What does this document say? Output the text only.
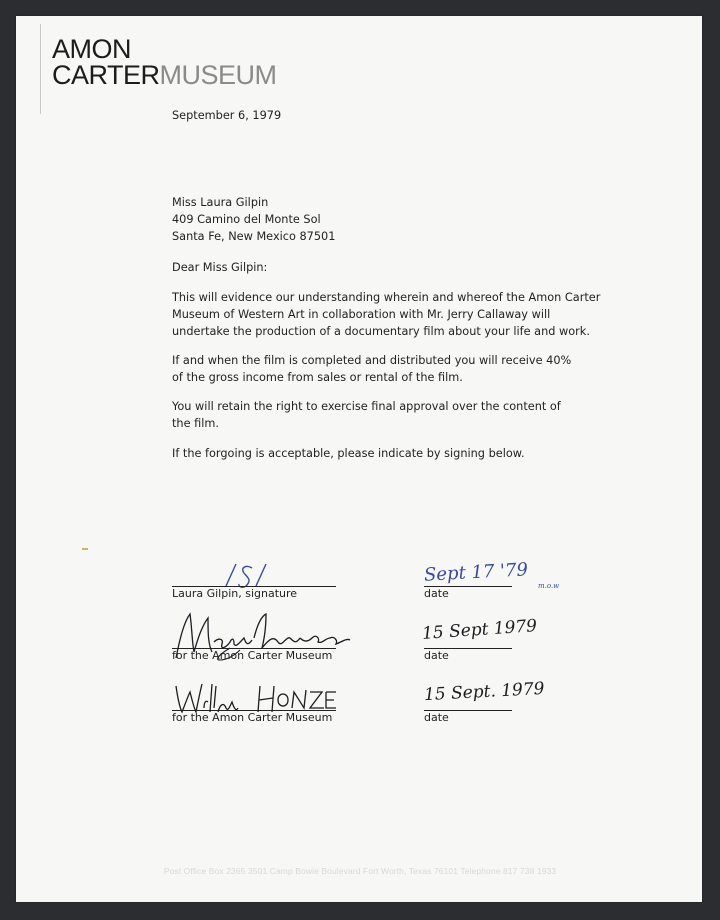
AMON
CARTERMUSEUM
September 6, 1979
Miss Laura Gilpin
409 Camino del Monte Sol
Santa Fe, New Mexico 87501
Dear Miss Gilpin:
This will evidence our understanding wherein and whereof the Amon Carter
Museum of Western Art in collaboration with Mr. Jerry Callaway will
undertake the production of a documentary film about your life and work.
If and when the film is completed and distributed you will receive 40%
of the gross income from sales or rental of the film.
You will retain the right to exercise final approval over the content of
the film.
If the forgoing is acceptable, please indicate by signing below.
Laura Gilpin, signature	date
Sept 17 '79
m.o.w
for the Amon Carter Museum	date
15 Sept 1979
for the Amon Carter Museum	date
15 Sept. 1979
Post Office Box 2365 3501 Camp Bowie Boulevard Fort Worth, Texas 76101 Telephone 817 738 1933
